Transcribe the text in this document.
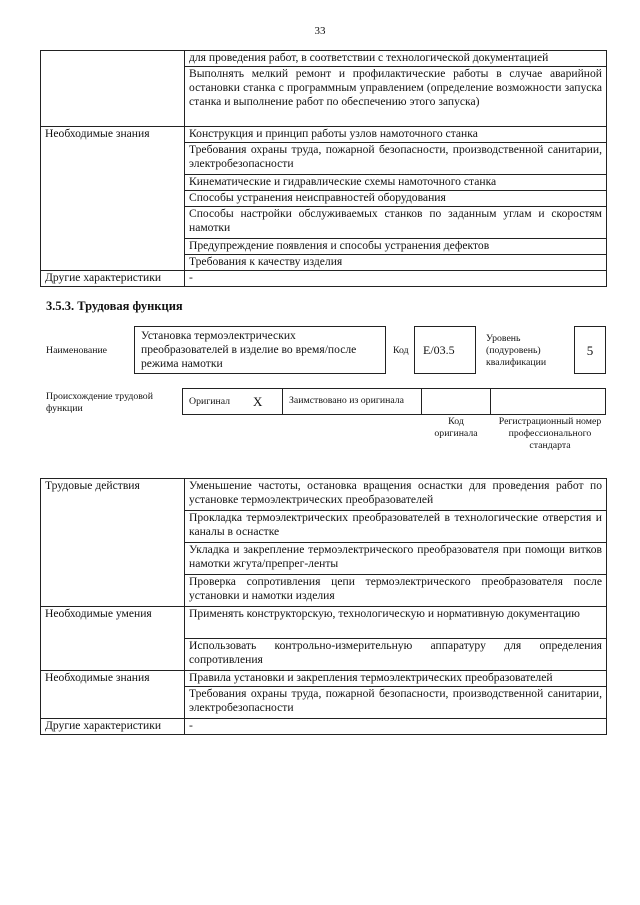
33
	для проведения работ, в соответствии с технологической документацией
	Выполнять мелкий ремонт и профилактические работы в случае аварийной остановки станка с программным управлением (определение возможности запуска станка и выполнение работ по обеспечению этого запуска)
Необходимые знания	Конструкция и принцип работы узлов намоточного станка
	Требования охраны труда, пожарной безопасности, производственной санитарии, электробезопасности
	Кинематические и гидравлические схемы намоточного станка
	Способы устранения неисправностей оборудования
	Способы настройки обслуживаемых станков по заданным углам и скоростям намотки
	Предупреждение появления и способы устранения дефектов
	Требования к качеству изделия
Другие характеристики	-
3.5.3. Трудовая функция
Наименование
Установка термоэлектрических преобразователей в изделие во время/после режима намотки
Код	E/03.5
Уровень (подуровень) квалификации
5
Происхождение трудовой функции
Оригинал X	Заимствовано из оригинала
Код оригинала
Регистрационный номер профессионального стандарта
Трудовые действия	Уменьшение частоты, остановка вращения оснастки для проведения работ по установке термоэлектрических преобразователей
	Прокладка термоэлектрических преобразователей в технологические отверстия и каналы в оснастке
	Укладка и закрепление термоэлектрического преобразователя при помощи витков намотки жгута/препрег-ленты
	Проверка сопротивления цепи термоэлектрического преобразователя после установки и намотки изделия
Необходимые умения	Применять конструкторскую, технологическую и нормативную документацию
	Использовать контрольно-измерительную аппаратуру для определения сопротивления
Необходимые знания	Правила установки и закрепления термоэлектрических преобразователей
	Требования охраны труда, пожарной безопасности, производственной санитарии, электробезопасности
Другие характеристики	-
